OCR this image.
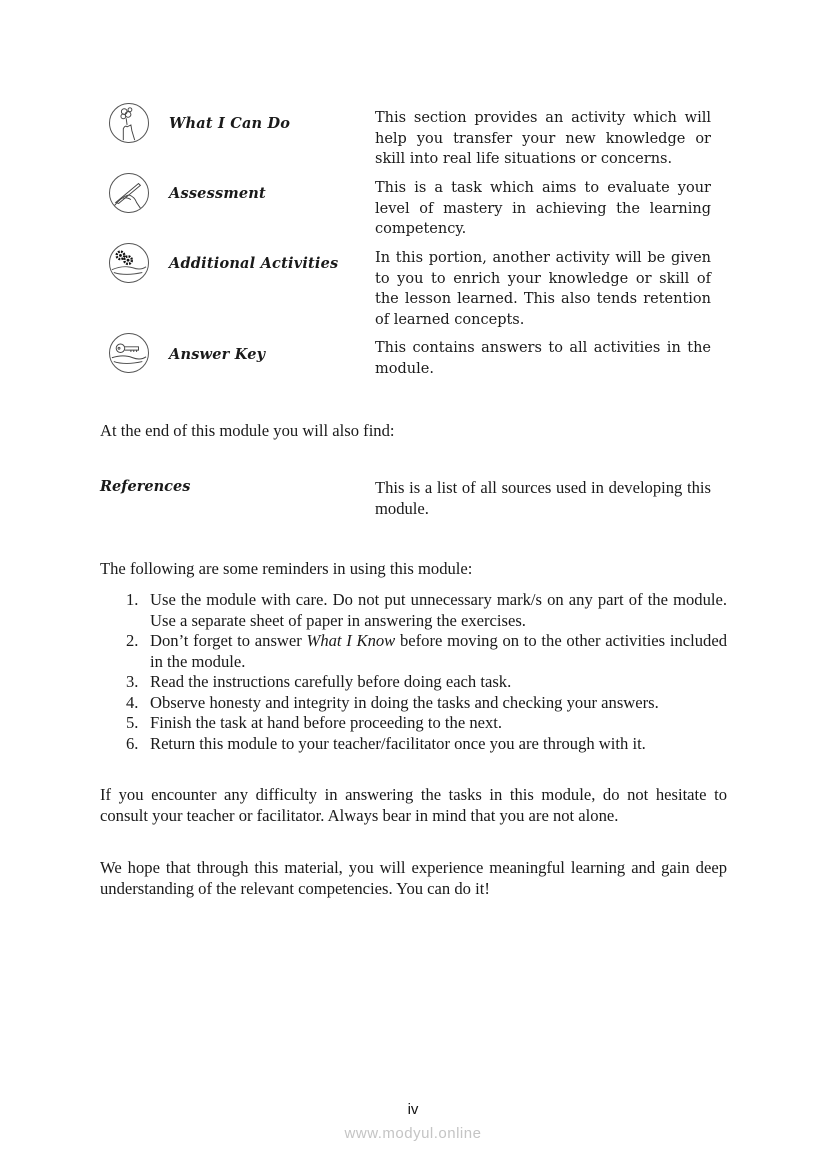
What I Can Do	This section provides an activity which will help you transfer your new knowledge or skill into real life situations or concerns.
Assessment	This is a task which aims to evaluate your level of mastery in achieving the learning competency.
Additional Activities	In this portion, another activity will be given to you to enrich your knowledge or skill of the lesson learned. This also tends retention of learned concepts.
Answer Key	This contains answers to all activities in the module.
At the end of this module you will also find:
References	This is a list of all sources used in developing this module.
The following are some reminders in using this module:
1. Use the module with care. Do not put unnecessary mark/s on any part of the module. Use a separate sheet of paper in answering the exercises.
2. Don’t forget to answer What I Know before moving on to the other activities included in the module.
3. Read the instructions carefully before doing each task.
4. Observe honesty and integrity in doing the tasks and checking your answers.
5. Finish the task at hand before proceeding to the next.
6. Return this module to your teacher/facilitator once you are through with it.
If you encounter any difficulty in answering the tasks in this module, do not hesitate to consult your teacher or facilitator. Always bear in mind that you are not alone.
We hope that through this material, you will experience meaningful learning and gain deep understanding of the relevant competencies. You can do it!
iv
www.modyul.online
